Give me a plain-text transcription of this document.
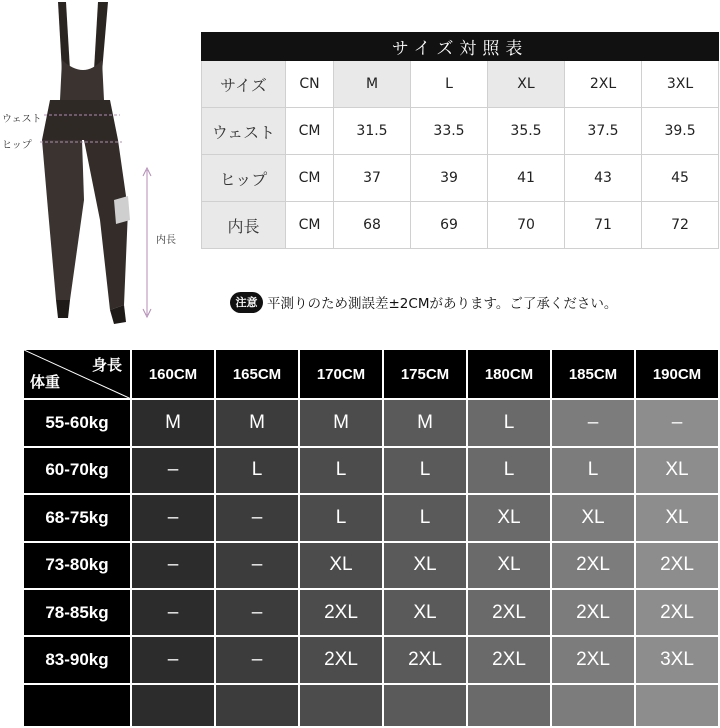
ウェスト
ヒップ
内長
サイズ対照表						
サイズ	CN	M	L	XL	2XL	3XL
ウェスト	CM	31.5	33.5	35.5	37.5	39.5
ヒップ	CM	37	39	41	43	45
内長	CM	68	69	70	71	72
注意 平測りのため測誤差±2CMがあります。ご了承ください。
身長
体重	160CM	165CM	170CM	175CM	180CM	185CM	190CM
55-60kg	M	M	M	M	L	–	–
60-70kg	–	L	L	L	L	L	XL
68-75kg	–	–	L	L	XL	XL	XL
73-80kg	–	–	XL	XL	XL	2XL	2XL
78-85kg	–	–	2XL	XL	2XL	2XL	2XL
83-90kg	–	–	2XL	2XL	2XL	2XL	3XL
